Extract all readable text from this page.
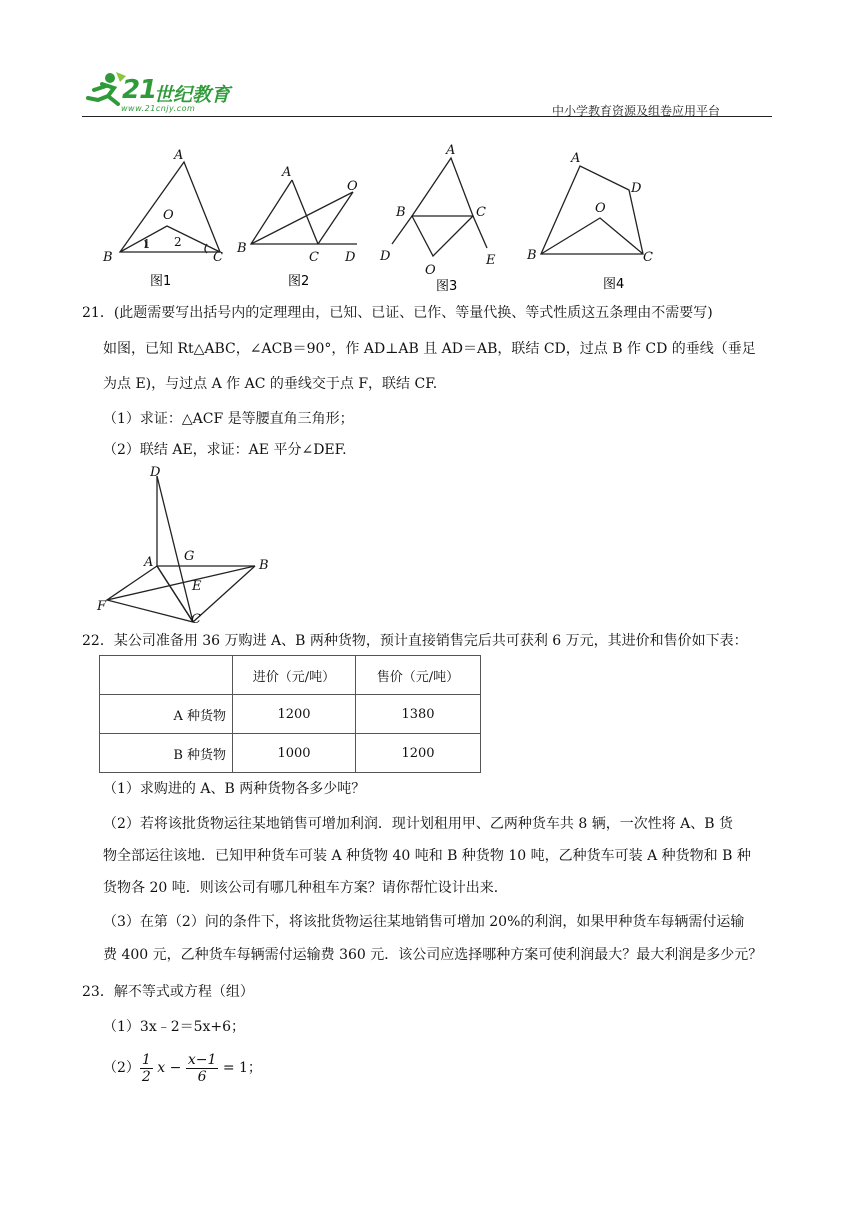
21
世纪教育
www.21cnjy.com	中小学教育资源及组卷应用平台
A
O
B	C
1 2
图1
A
O
B
C D
图2
A
B	C
D	E
O
图3
A
D
O
B	C
图4
21．(此题需要写出括号内的定理理由，已知、已证、已作、等量代换、等式性质这五条理由不需要写)
如图，已知 Rt△ABC，∠ACB＝90°，作 AD⊥AB 且 AD＝AB，联结 CD，过点 B 作 CD 的垂线（垂足
为点 E)，与过点 A 作 AC 的垂线交于点 F，联结 CF.
（1）求证：△ACF 是等腰直角三角形；
（2）联结 AE，求证：AE 平分∠DEF.
D
A G
B
E
F
C
22．某公司准备用 36 万购进 A、B 两种货物，预计直接销售完后共可获利 6 万元，其进价和售价如下表：
	进价（元/吨）	售价（元/吨）
A 种货物	1200	1380
B 种货物	1000	1200
（1）求购进的 A、B 两种货物各多少吨？
（2）若将该批货物运往某地销售可增加利润．现计划租用甲、乙两种货车共 8 辆，一次性将 A、B 货
物全部运往该地．已知甲种货车可装 A 种货物 40 吨和 B 种货物 10 吨，乙种货车可装 A 种货物和 B 种
货物各 20 吨．则该公司有哪几种租车方案？请你帮忙设计出来．
（3）在第（2）问的条件下，将该批货物运往某地销售可增加 20%的利润，如果甲种货车每辆需付运输
费 400 元，乙种货车每辆需付运输费 360 元．该公司应选择哪种方案可使利润最大？最大利润是多少元？
23．解不等式或方程（组）
（1）3x﹣2＝5x+6；
$(2) \frac{1}{2}$ $x - \frac{x-1}{6} = 1$；
